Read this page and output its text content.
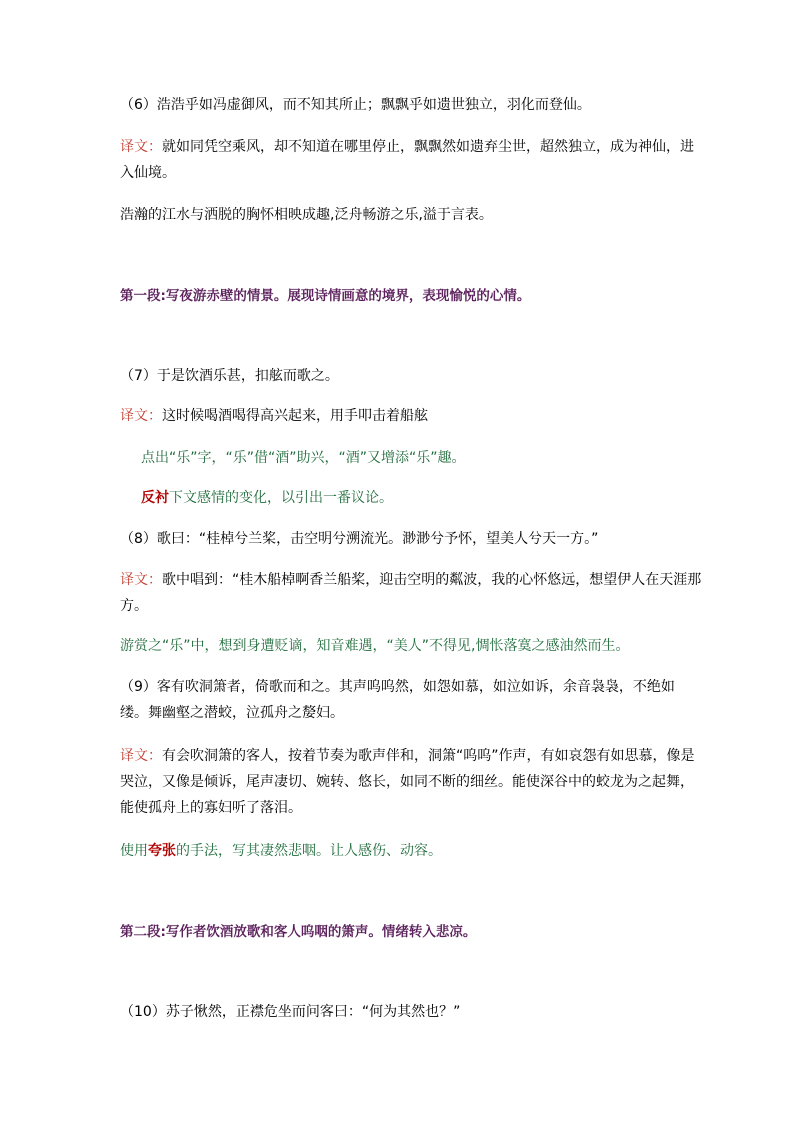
（6）浩浩乎如冯虚御风，而不知其所止；飘飘乎如遗世独立，羽化而登仙。
译文：就如同凭空乘风，却不知道在哪里停止，飘飘然如遗弃尘世，超然独立，成为神仙，进入仙境。
浩瀚的江水与洒脱的胸怀相映成趣,泛舟畅游之乐,溢于言表。
第一段:写夜游赤壁的情景。展现诗情画意的境界，表现愉悦的心情。
（7）于是饮酒乐甚，扣舷而歌之。
译文：这时候喝酒喝得高兴起来，用手叩击着船舷
点出“乐”字，“乐”借“酒”助兴，“酒”又增添“乐”趣。
反衬下文感情的变化，以引出一番议论。
（8）歌曰：“桂棹兮兰桨，击空明兮溯流光。渺渺兮予怀，望美人兮天一方。”
译文：歌中唱到：“桂木船棹啊香兰船桨，迎击空明的粼波，我的心怀悠远，想望伊人在天涯那方。
游赏之“乐”中，想到身遭贬谪，知音难遇，“美人”不得见,惆怅落寞之感油然而生。
（9）客有吹洞箫者，倚歌而和之。其声呜呜然，如怨如慕，如泣如诉，余音袅袅，不绝如缕。舞幽壑之潜蛟，泣孤舟之嫠妇。
译文：有会吹洞箫的客人，按着节奏为歌声伴和，洞箫“呜呜”作声，有如哀怨有如思慕，像是哭泣，又像是倾诉，尾声凄切、婉转、悠长，如同不断的细丝。能使深谷中的蛟龙为之起舞，能使孤舟上的寡妇听了落泪。
使用夸张的手法，写其凄然悲咽。让人感伤、动容。
第二段:写作者饮酒放歌和客人呜咽的箫声。情绪转入悲凉。
（10）苏子愀然，正襟危坐而问客曰：“何为其然也？”
